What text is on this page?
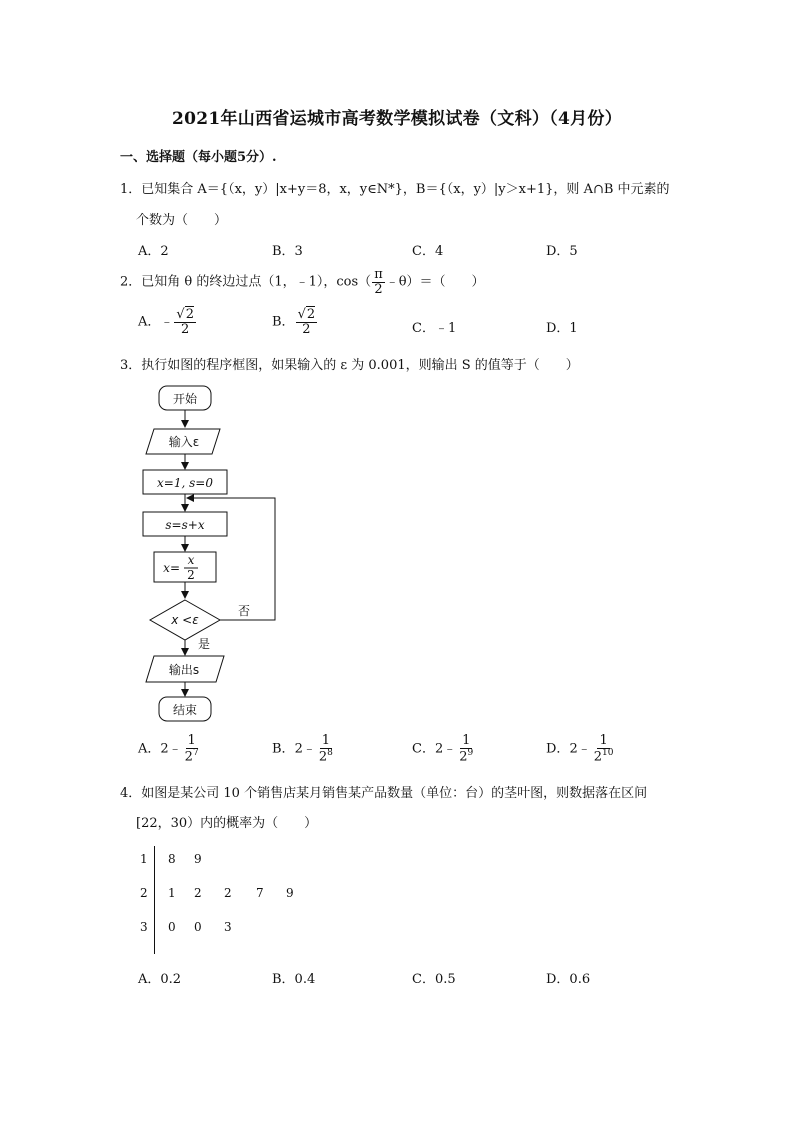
2021年山西省运城市高考数学模拟试卷（文科）（4月份）
一、选择题（每小题5分）.
1．已知集合 A＝{（x，y）|x+y＝8，x，y∈N*}，B＝{（x，y）|y＞x+1}，则 A∩B 中元素的
个数为（　　）
A．2	B．3	C．4	D．5
2．已知角 θ 的终边过点（1，﹣1），$\cos( \frac{\pi}{2}$ ﹣θ）＝（　　）
A．﹣ $\frac{√2}{2}$	B． $\frac{√2}{2}$	C．﹣1	D．1
3．执行如图的程序框图，如果输入的 ε 为 0.001，则输出 S 的值等于（　　）
开始
输入ε
x=1, s=0
s=s+x
x=
x
2
x <ε
否
是
输出s
结束
A．2﹣ $\frac{1}{2^7}$	B．2﹣ $\frac{1}{2^8}$	C．2﹣ $\frac{1}{2^9}$	D．2﹣ $\frac{1}{2^{10}}$
4．如图是某公司 10 个销售店某月销售某产品数量（单位：台）的茎叶图，则数据落在区间
[22，30）内的概率为（　　）
1 8 9
2 1 2 2 7 9
3 0 0 3
A．0.2	B．0.4	C．0.5	D．0.6
